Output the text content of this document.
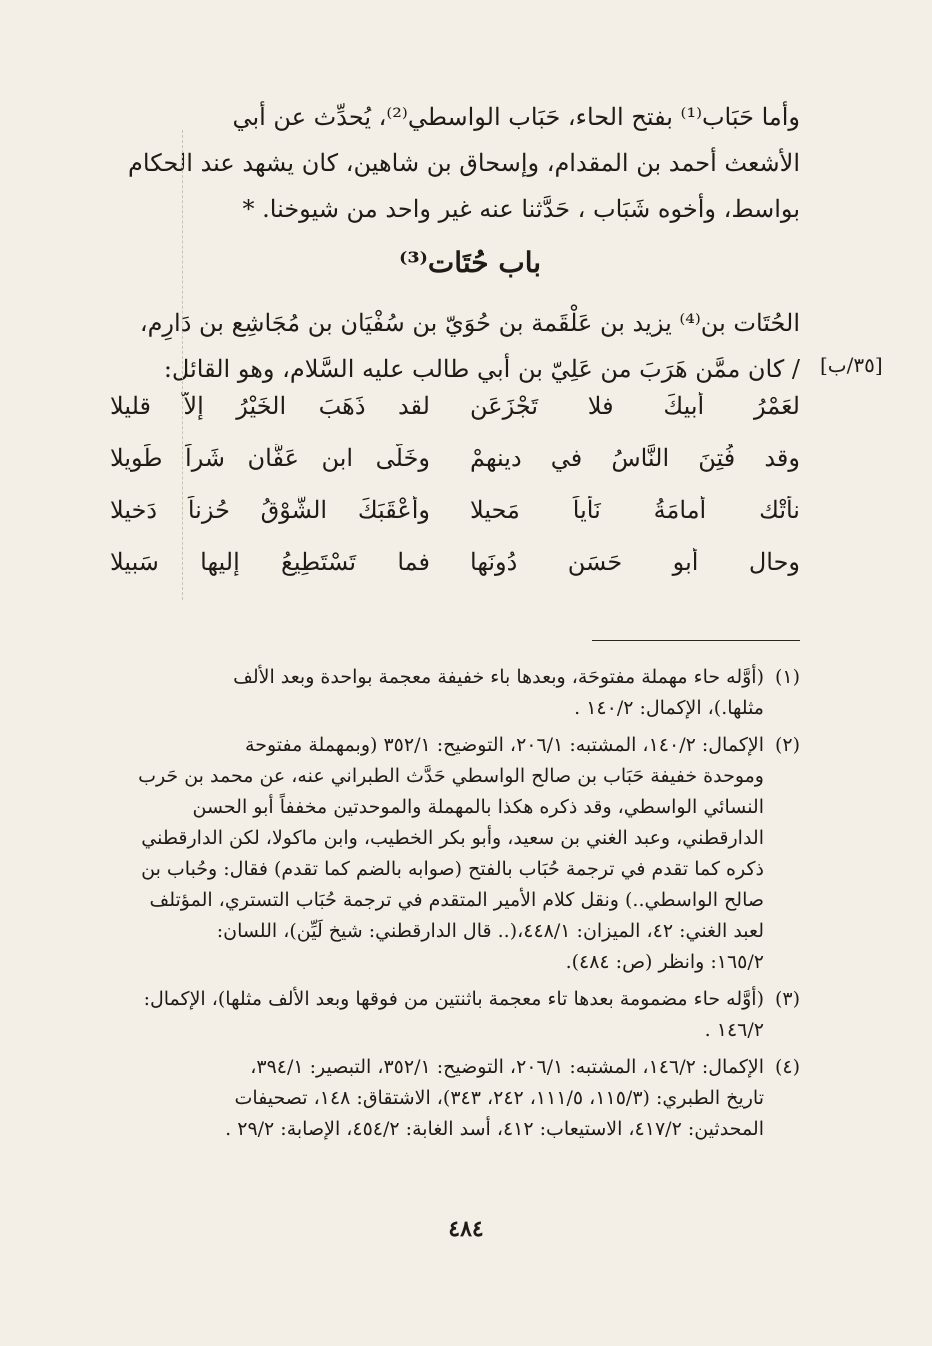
وأما حَبَاب⁽¹⁾ بفتح الحاء، حَبَاب الواسطي⁽²⁾، يُحدِّث عن أبي
الأشعث أحمد بن المقدام، وإسحاق بن شاهين، كان يشهد عند الحكام
بواسط، وأخوه شَبَاب ، حَدَّثنا عنه غير واحد من شيوخنا. *
باب حُتَات⁽³⁾
الحُتَات بن⁽⁴⁾ يزيد بن عَلْقَمة بن حُوَيّ بن سُفْيَان بن مُجَاشِع بن دَارِم،
/ كان ممَّن هَرَبَ من عَلِيّ بن أبي طالب عليه السَّلام، وهو القائل: [٣٥/ب]
لعَمْرُ أبيكَ فلا تَجْزَعَن
لقد ذَهَبَ الخَيْرُ إلاّ قليلا
وقد فُتِنَ النَّاسُ في دينهمْ
وخَلَّى ابن عَفَّان شَراً طَويلا
نأتْك أُمامَةُ نَأْياً مَحيلا
وأعْقَبَكَ الشَّوْقُ حُزناً دَخيلا
وحال أبو حَسَن دُونَها
فما تَسْتَطِيعُ إليها سَبيلا
(١)(أوَّله حاء مهملة مفتوحَة، وبعدها باء خفيفة معجمة بواحدة وبعد الألف
مثلها.)، الإكمال: ١٤٠/٢ .
(٢)الإكمال: ١٤٠/٢، المشتبه: ٢٠٦/١، التوضيح: ٣٥٢/١ (وبمهملة مفتوحة
وموحدة خفيفة حَبَاب بن صالح الواسطي حَدَّث الطبراني عنه، عن محمد بن حَرب
النسائي الواسطي، وقد ذكره هكذا بالمهملة والموحدتين مخففاً أبو الحسن
الدارقطني، وعبد الغني بن سعيد، وأبو بكر الخطيب، وابن ماكولا، لكن الدارقطني
ذكره كما تقدم في ترجمة حُبَاب بالفتح (صوابه بالضم كما تقدم) فقال: وحُباب بن
صالح الواسطي..) ونقل كلام الأمير المتقدم في ترجمة حُبَاب التستري، المؤتلف
لعبد الغني: ٤٢، الميزان: ٤٤٨/١،(.. قال الدارقطني: شيخ لَيِّن)، اللسان:
١٦٥/٢: وانظر (ص: ٤٨٤).
(٣)(أوَّله حاء مضمومة بعدها تاء معجمة باثنتين من فوقها وبعد الألف مثلها)، الإكمال:
١٤٦/٢ .
(٤)الإكمال: ١٤٦/٢، المشتبه: ٢٠٦/١، التوضيح: ٣٥٢/١، التبصير: ٣٩٤/١،
تاريخ الطبري: (١١٥/٣، ١١١/٥، ٢٤٢، ٣٤٣)، الاشتقاق: ١٤٨، تصحيفات
المحدثين: ٤١٧/٢، الاستيعاب: ٤١٢، أسد الغابة: ٤٥٤/٢، الإصابة: ٢٩/٢ .
٤٨٤
